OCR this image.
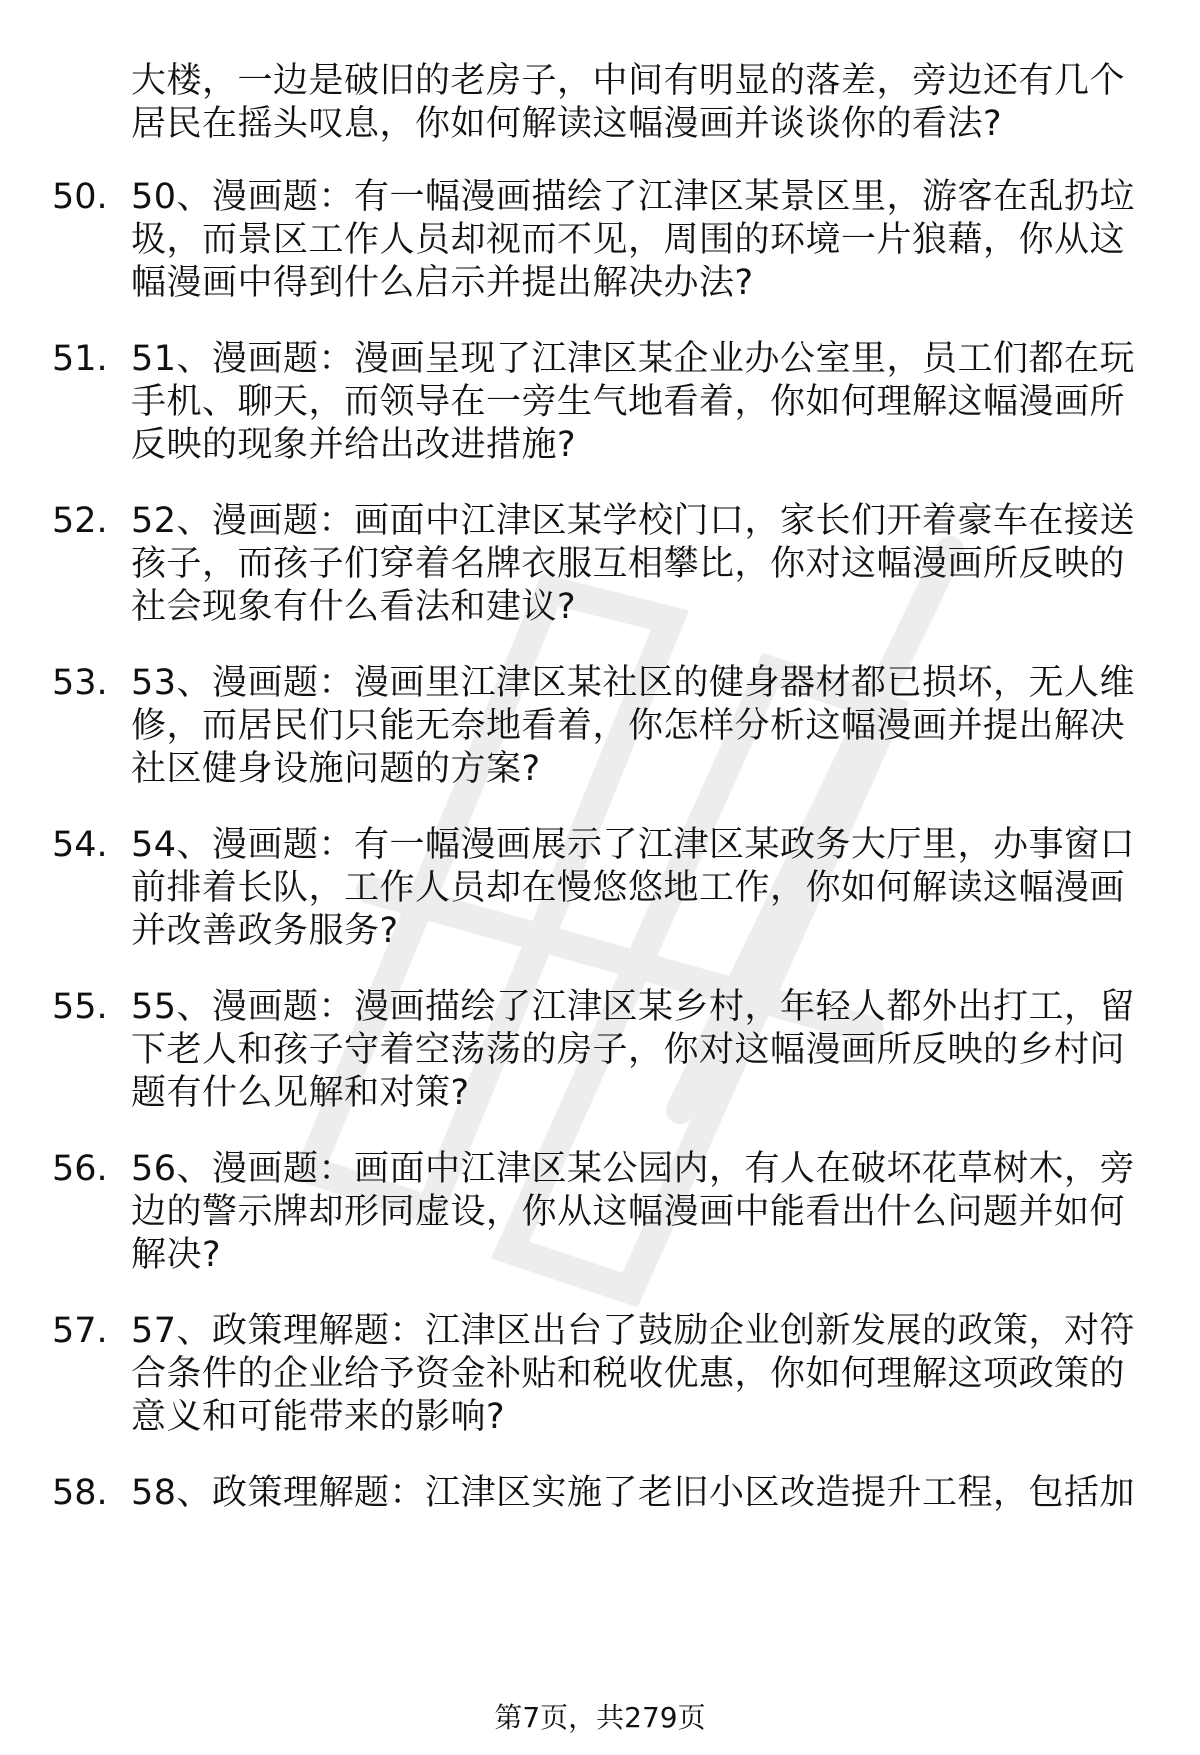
大楼，一边是破旧的老房子，中间有明显的落差，旁边还有几个居民在摇头叹息，你如何解读这幅漫画并谈谈你的看法?
50. 50、漫画题：有一幅漫画描绘了江津区某景区里，游客在乱扔垃圾，而景区工作人员却视而不见，周围的环境一片狼藉，你从这幅漫画中得到什么启示并提出解决办法?
51. 51、漫画题：漫画呈现了江津区某企业办公室里，员工们都在玩手机、聊天，而领导在一旁生气地看着，你如何理解这幅漫画所反映的现象并给出改进措施?
52. 52、漫画题：画面中江津区某学校门口，家长们开着豪车在接送孩子，而孩子们穿着名牌衣服互相攀比，你对这幅漫画所反映的社会现象有什么看法和建议?
53. 53、漫画题：漫画里江津区某社区的健身器材都已损坏，无人维修，而居民们只能无奈地看着，你怎样分析这幅漫画并提出解决社区健身设施问题的方案?
54. 54、漫画题：有一幅漫画展示了江津区某政务大厅里，办事窗口前排着长队，工作人员却在慢悠悠地工作，你如何解读这幅漫画并改善政务服务?
55. 55、漫画题：漫画描绘了江津区某乡村，年轻人都外出打工，留下老人和孩子守着空荡荡的房子，你对这幅漫画所反映的乡村问题有什么见解和对策?
56. 56、漫画题：画面中江津区某公园内，有人在破坏花草树木，旁边的警示牌却形同虚设，你从这幅漫画中能看出什么问题并如何解决?
57. 57、政策理解题：江津区出台了鼓励企业创新发展的政策，对符合条件的企业给予资金补贴和税收优惠，你如何理解这项政策的意义和可能带来的影响?
58. 58、政策理解题：江津区实施了老旧小区改造提升工程，包括加
第7页，共279页
